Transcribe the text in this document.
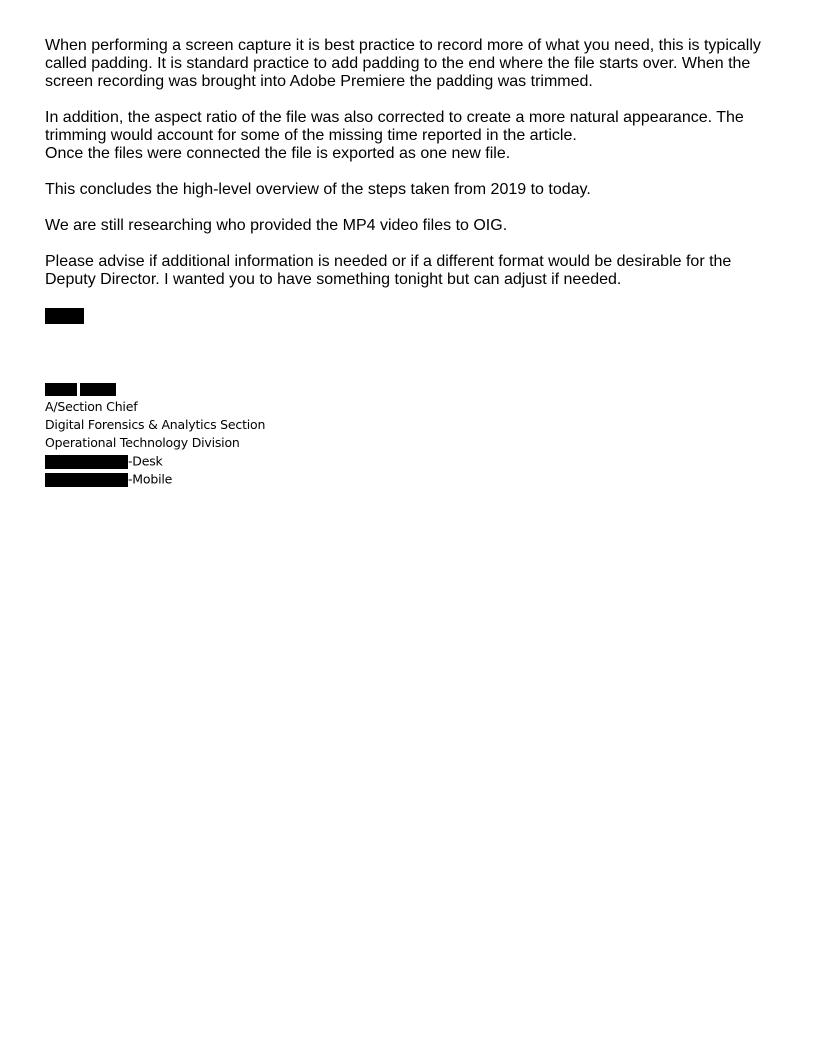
When performing a screen capture it is best practice to record more of what you need, this is typically
called padding. It is standard practice to add padding to the end where the file starts over. When the
screen recording was brought into Adobe Premiere the padding was trimmed.

In addition, the aspect ratio of the file was also corrected to create a more natural appearance. The
trimming would account for some of the missing time reported in the article.
Once the files were connected the file is exported as one new file.

This concludes the high-level overview of the steps taken from 2019 to today.

We are still researching who provided the MP4 video files to OIG.

Please advise if additional information is needed or if a different format would be desirable for the
Deputy Director. I wanted you to have something tonight but can adjust if needed.

A/Section Chief
Digital Forensics & Analytics Section
Operational Technology Division
-Desk
-Mobile
